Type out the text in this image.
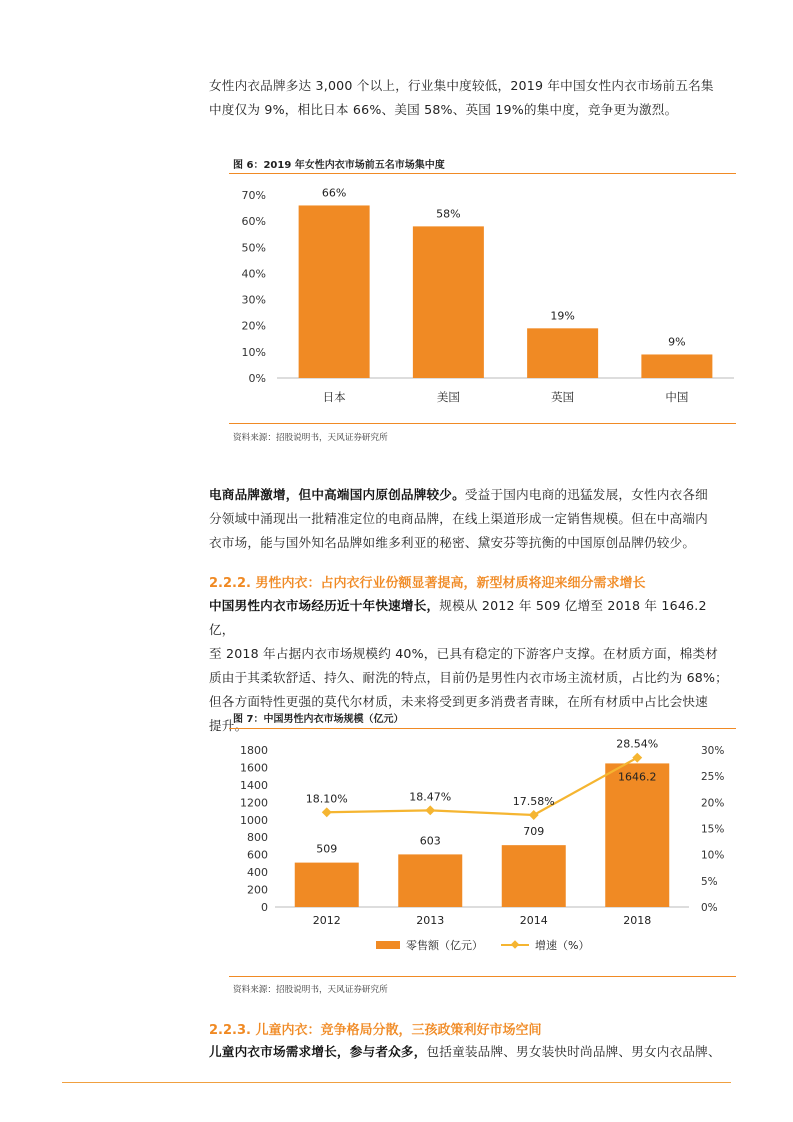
女性内衣品牌多达 3,000 个以上，行业集中度较低，2019 年中国女性内衣市场前五名集
中度仅为 9%，相比日本 66%、美国 58%、英国 19%的集中度，竞争更为激烈。

图 6：2019 年女性内衣市场前五名市场集中度
0%
10%
20%
30%
40%
50%
60%
70%	66%
日本
58%
美国
19%
英国
9%
中国
资料来源：招股说明书，天风证券研究所

电商品牌激增，但中高端国内原创品牌较少。受益于国内电商的迅猛发展，女性内衣各细
分领域中涌现出一批精准定位的电商品牌，在线上渠道形成一定销售规模。但在中高端内
衣市场，能与国外知名品牌如维多利亚的秘密、黛安芬等抗衡的中国原创品牌仍较少。

2.2.2. 男性内衣：占内衣行业份额显著提高，新型材质将迎来细分需求增长

中国男性内衣市场经历近十年快速增长，规模从 2012 年 509 亿增至 2018 年 1646.2 亿，
至 2018 年占据内衣市场规模约 40%，已具有稳定的下游客户支撑。在材质方面，棉类材
质由于其柔软舒适、持久、耐洗的特点，目前仍是男性内衣市场主流材质，占比约为 68%；
但各方面特性更强的莫代尔材质，未来将受到更多消费者青睐，在所有材质中占比会快速
提升。

图 7：中国男性内衣市场规模（亿元）
0
200
400
600
800
1000
1200
1400
1600
1800
0%
5%
10%
15%
20%
25%
30%
509
2012
603
2013
709
2014
1646.2
2018
18.10%	18.47%	17.58%
28.54%
零售额（亿元）	增速（%）
资料来源：招股说明书，天风证券研究所
2.2.3. 儿童内衣：竞争格局分散，三孩政策利好市场空间

儿童内衣市场需求增长，参与者众多，包括童装品牌、男女装快时尚品牌、男女内衣品牌、
